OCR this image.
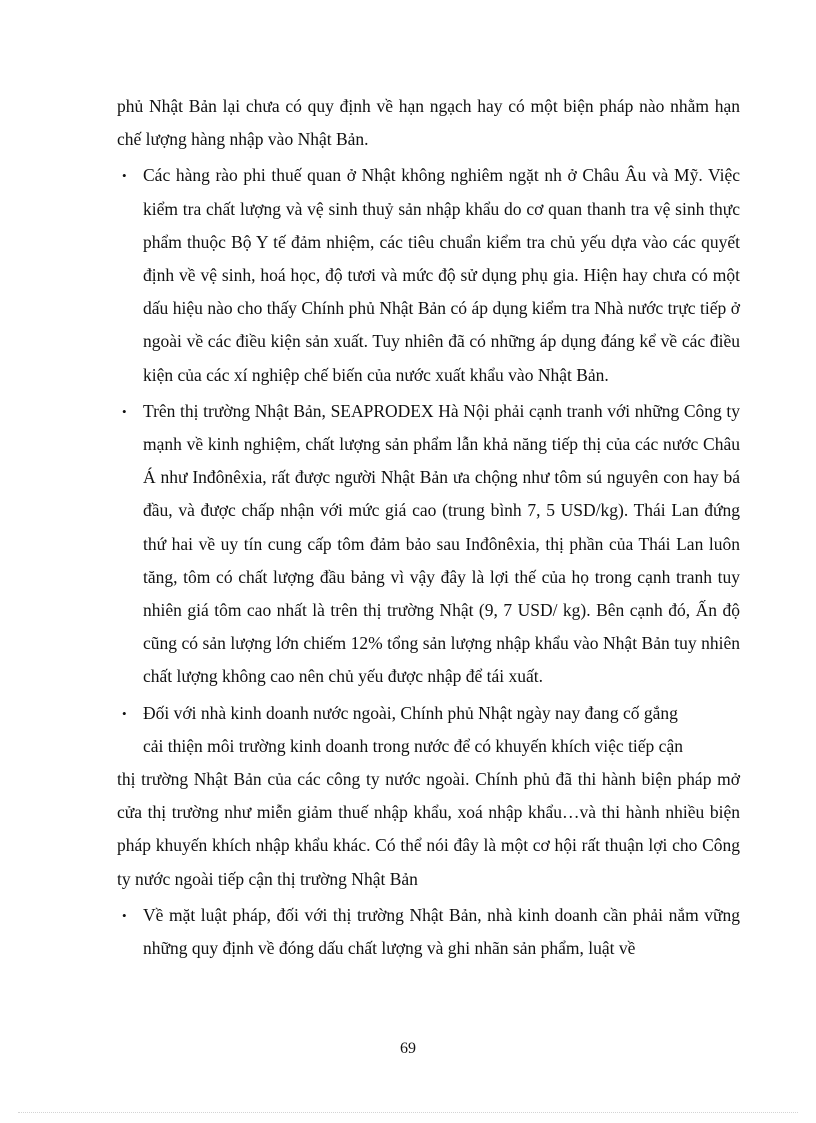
phủ Nhật Bản lại chưa có quy định về hạn ngạch hay có một biện pháp nào nhằm hạn chế lượng hàng nhập vào Nhật Bản.

• Các hàng rào phi thuế quan ở Nhật không nghiêm ngặt nh ở Châu Âu và Mỹ. Việc kiểm tra chất lượng và vệ sinh thuỷ sản nhập khẩu do cơ quan thanh tra vệ sinh thực phẩm thuộc Bộ Y tế đảm nhiệm, các tiêu chuẩn kiểm tra chủ yếu dựa vào các quyết định về vệ sinh, hoá học, độ tươi và mức độ sử dụng phụ gia. Hiện hay chưa có một dấu hiệu nào cho thấy Chính phủ Nhật Bản có áp dụng kiểm tra Nhà nước trực tiếp ở ngoài về các điều kiện sản xuất. Tuy nhiên đã có những áp dụng đáng kể về các điều kiện của các xí nghiệp chế biến của nước xuất khẩu vào Nhật Bản.

• Trên thị trường Nhật Bản, SEAPRODEX Hà Nội phải cạnh tranh với những Công ty mạnh về kinh nghiệm, chất lượng sản phẩm lẫn khả năng tiếp thị của các nước Châu Á như Inđônêxia, rất được người Nhật Bản ưa chộng như tôm sú nguyên con hay bá đầu, và được chấp nhận với mức giá cao (trung bình 7, 5 USD/kg). Thái Lan đứng thứ hai về uy tín cung cấp tôm đảm bảo sau Inđônêxia, thị phần của Thái Lan luôn tăng, tôm có chất lượng đầu bảng vì vậy đây là lợi thế của họ trong cạnh tranh tuy nhiên giá tôm cao nhất là trên thị trường Nhật (9, 7 USD/ kg). Bên cạnh đó, Ấn độ cũng có sản lượng lớn chiếm 12% tổng sản lượng nhập khẩu vào Nhật Bản tuy nhiên chất lượng không cao nên chủ yếu được nhập để tái xuất.

• Đối với nhà kinh doanh nước ngoài, Chính phủ Nhật ngày nay đang cố gắng

cải thiện môi trường kinh doanh trong nước để có khuyến khích việc tiếp cận

thị trường Nhật Bản của các công ty nước ngoài. Chính phủ đã thi hành biện pháp mở cửa thị trường như miễn giảm thuế nhập khẩu, xoá nhập khẩu…và thi hành nhiều biện pháp khuyến khích nhập khẩu khác. Có thể nói đây là một cơ hội rất thuận lợi cho Công ty nước ngoài tiếp cận thị trường Nhật Bản

• Về mặt luật pháp, đối với thị trường Nhật Bản, nhà kinh doanh cần phải nắm vững những quy định về đóng dấu chất lượng và ghi nhãn sản phẩm, luật về

69
